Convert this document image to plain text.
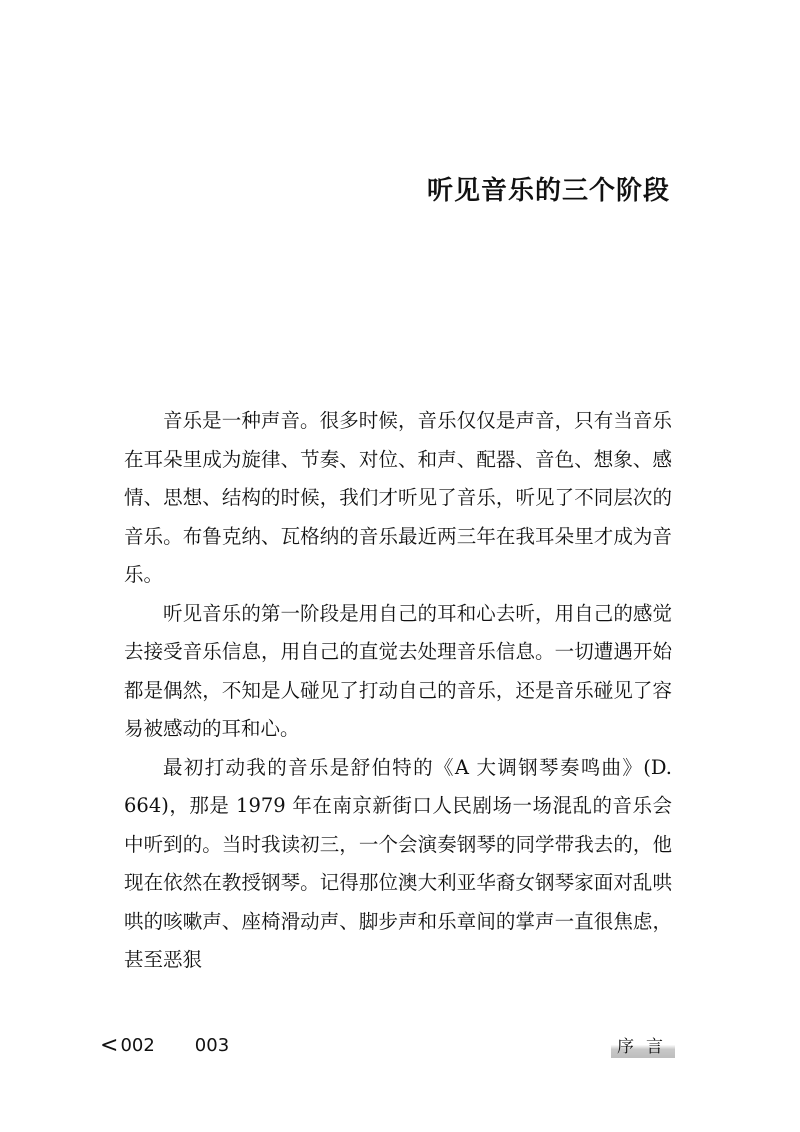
听见音乐的三个阶段

音乐是一种声音。很多时候，音乐仅仅是声音，只有当音乐在耳朵里成为旋律、节奏、对位、和声、配器、音色、想象、感情、思想、结构的时候，我们才听见了音乐，听见了不同层次的音乐。布鲁克纳、瓦格纳的音乐最近两三年在我耳朵里才成为音乐。

听见音乐的第一阶段是用自己的耳和心去听，用自己的感觉去接受音乐信息，用自己的直觉去处理音乐信息。一切遭遇开始都是偶然，不知是人碰见了打动自己的音乐，还是音乐碰见了容易被感动的耳和心。

最初打动我的音乐是舒伯特的《A 大调钢琴奏鸣曲》(D. 664)，那是 1979 年在南京新街口人民剧场一场混乱的音乐会中听到的。当时我读初三，一个会演奏钢琴的同学带我去的，他现在依然在教授钢琴。记得那位澳大利亚华裔女钢琴家面对乱哄哄的咳嗽声、座椅滑动声、脚步声和乐章间的掌声一直很焦虑，甚至恶狠

< 002 003	序言
